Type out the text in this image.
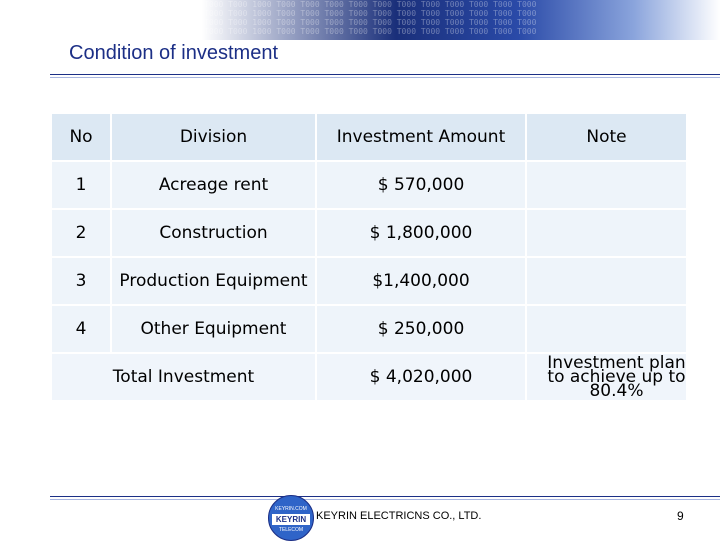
T000 T000 T000 1000 T000 T000 T000 T000 T000 T000 T000 T000 T000 T000 T000
T000 T000 T000 1000 T000 T000 T000 T000 T000 T000 T000 T000 T000 T000 T000
T000 T000 T000 1000 T000 T000 T000 T000 T000 T000 T000 T000 T000 T000 T000
T000 T000 T000 1000 T000 T000 T000 T000 T000 T000 T000 T000 T000 T000 T000
Condition of investment
No	Division	Investment Amount	Note
1	Acreage rent	$ 570,000	
2	Construction	$ 1,800,000	
3	Production Equipment	$1,400,000	
4	Other Equipment	$ 250,000	
Total Investment		$ 4,020,000	Investment plan to achieve up to 80.4%
KEYRIN.COM
KEYRIN
TELECOM
KEYRIN ELECTRICNS CO., LTD.	9
